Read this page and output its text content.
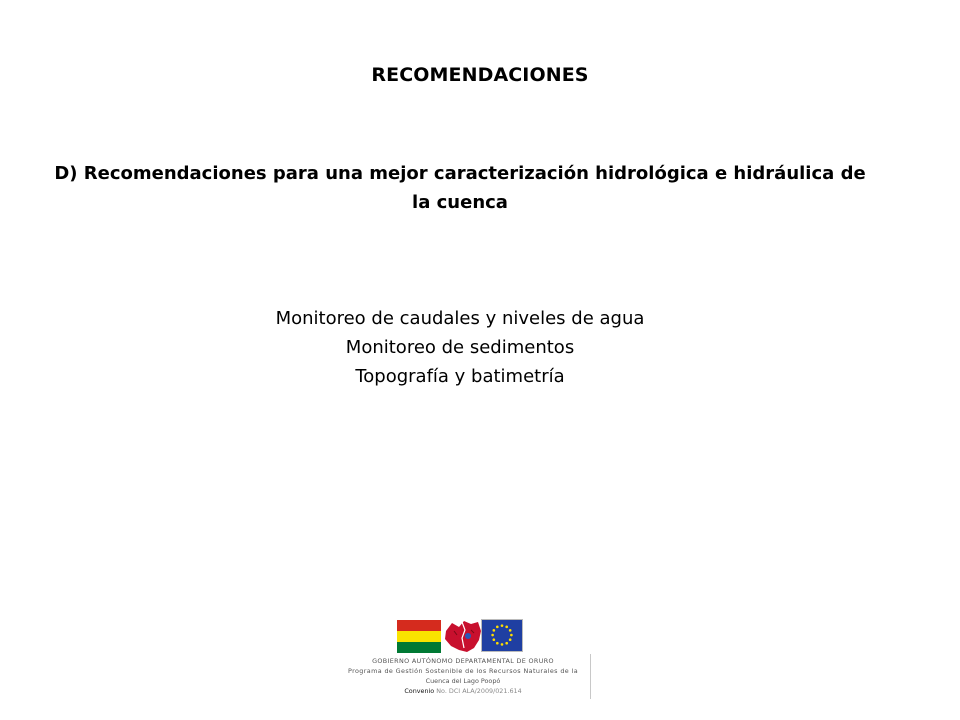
RECOMENDACIONES
D) Recomendaciones para una mejor caracterización hidrológica e hidráulica de
la cuenca
Monitoreo de caudales y niveles de agua
Monitoreo de sedimentos
Topografía y batimetría
GOBIERNO AUTÓNOMO DEPARTAMENTAL DE ORURO
Programa de Gestión Sostenible de los Recursos Naturales de la
Cuenca del Lago Poopó
Convenio No. DCI ALA/2009/021.614
